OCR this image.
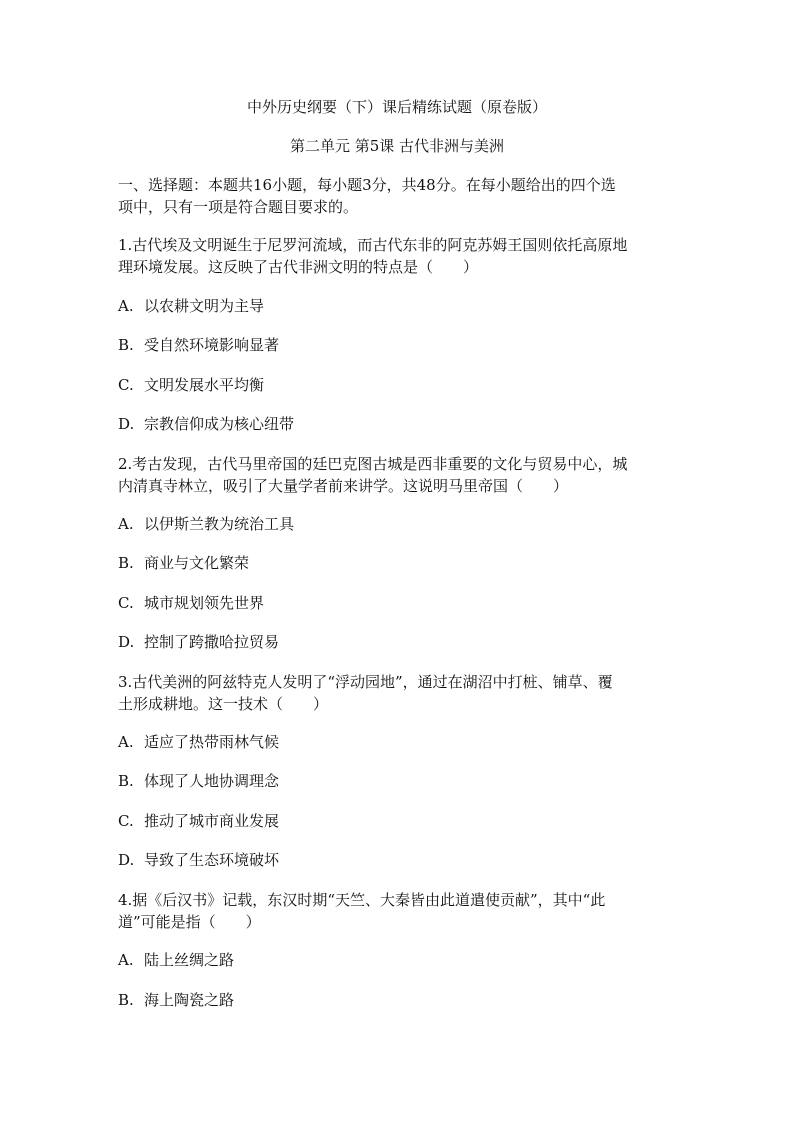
中外历史纲要（下）课后精练试题（原卷版）
第二单元 第5课 古代非洲与美洲
一、选择题：本题共16小题，每小题3分，共48分。在每小题给出的四个选
项中，只有一项是符合题目要求的。
1.古代埃及文明诞生于尼罗河流域，而古代东非的阿克苏姆王国则依托高原地
理环境发展。这反映了古代非洲文明的特点是（　　）
A. 以农耕文明为主导
B. 受自然环境影响显著
C. 文明发展水平均衡
D. 宗教信仰成为核心纽带
2.考古发现，古代马里帝国的廷巴克图古城是西非重要的文化与贸易中心，城
内清真寺林立，吸引了大量学者前来讲学。这说明马里帝国（　　）
A. 以伊斯兰教为统治工具
B. 商业与文化繁荣
C. 城市规划领先世界
D. 控制了跨撒哈拉贸易
3.古代美洲的阿兹特克人发明了“浮动园地”，通过在湖沼中打桩、铺草、覆
土形成耕地。这一技术（　　）
A. 适应了热带雨林气候
B. 体现了人地协调理念
C. 推动了城市商业发展
D. 导致了生态环境破坏
4.据《后汉书》记载，东汉时期“天竺、大秦皆由此道遣使贡献”，其中“此
道”可能是指（　　）
A. 陆上丝绸之路
B. 海上陶瓷之路
